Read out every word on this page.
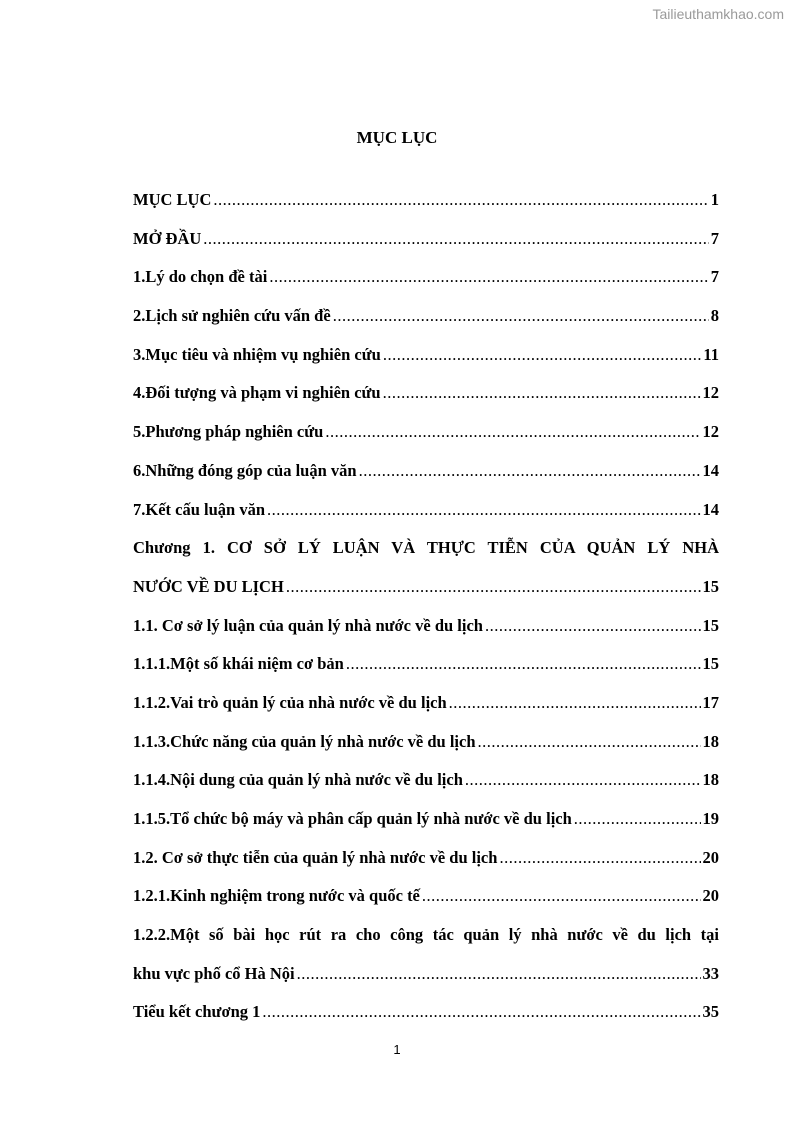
Tailieuthamkhao.com
MỤC LỤC
MỤC LỤC .....	1
MỞ ĐẦU .....	7
1.Lý do chọn đề tài .....	7
2.Lịch sử nghiên cứu vấn đề .....	8
3.Mục tiêu và nhiệm vụ nghiên cứu .....	11
4.Đối tượng và phạm vi nghiên cứu .....	12
5.Phương pháp nghiên cứu .....	12
6.Những đóng góp của luận văn .....	14
7.Kết cấu luận văn .....	14
Chương 1. CƠ SỞ LÝ LUẬN VÀ THỰC TIỄN CỦA QUẢN LÝ NHÀ
NƯỚC VỀ DU LỊCH .....	15
1.1. Cơ sở lý luận của quản lý nhà nước về du lịch .....	15
1.1.1.Một số khái niệm cơ bản .....	15
1.1.2.Vai trò quản lý của nhà nước về du lịch .....	17
1.1.3.Chức năng của quản lý nhà nước về du lịch .....	18
1.1.4.Nội dung của quản lý nhà nước về du lịch .....	18
1.1.5.Tổ chức bộ máy và phân cấp quản lý nhà nước về du lịch .....	19
1.2. Cơ sở thực tiễn của quản lý nhà nước về du lịch .....	20
1.2.1.Kinh nghiệm trong nước và quốc tế .....	20
1.2.2.Một số bài học rút ra cho công tác quản lý nhà nước về du lịch tại
khu vực phố cổ Hà Nội .....	33
Tiểu kết chương 1 .....	35
1
